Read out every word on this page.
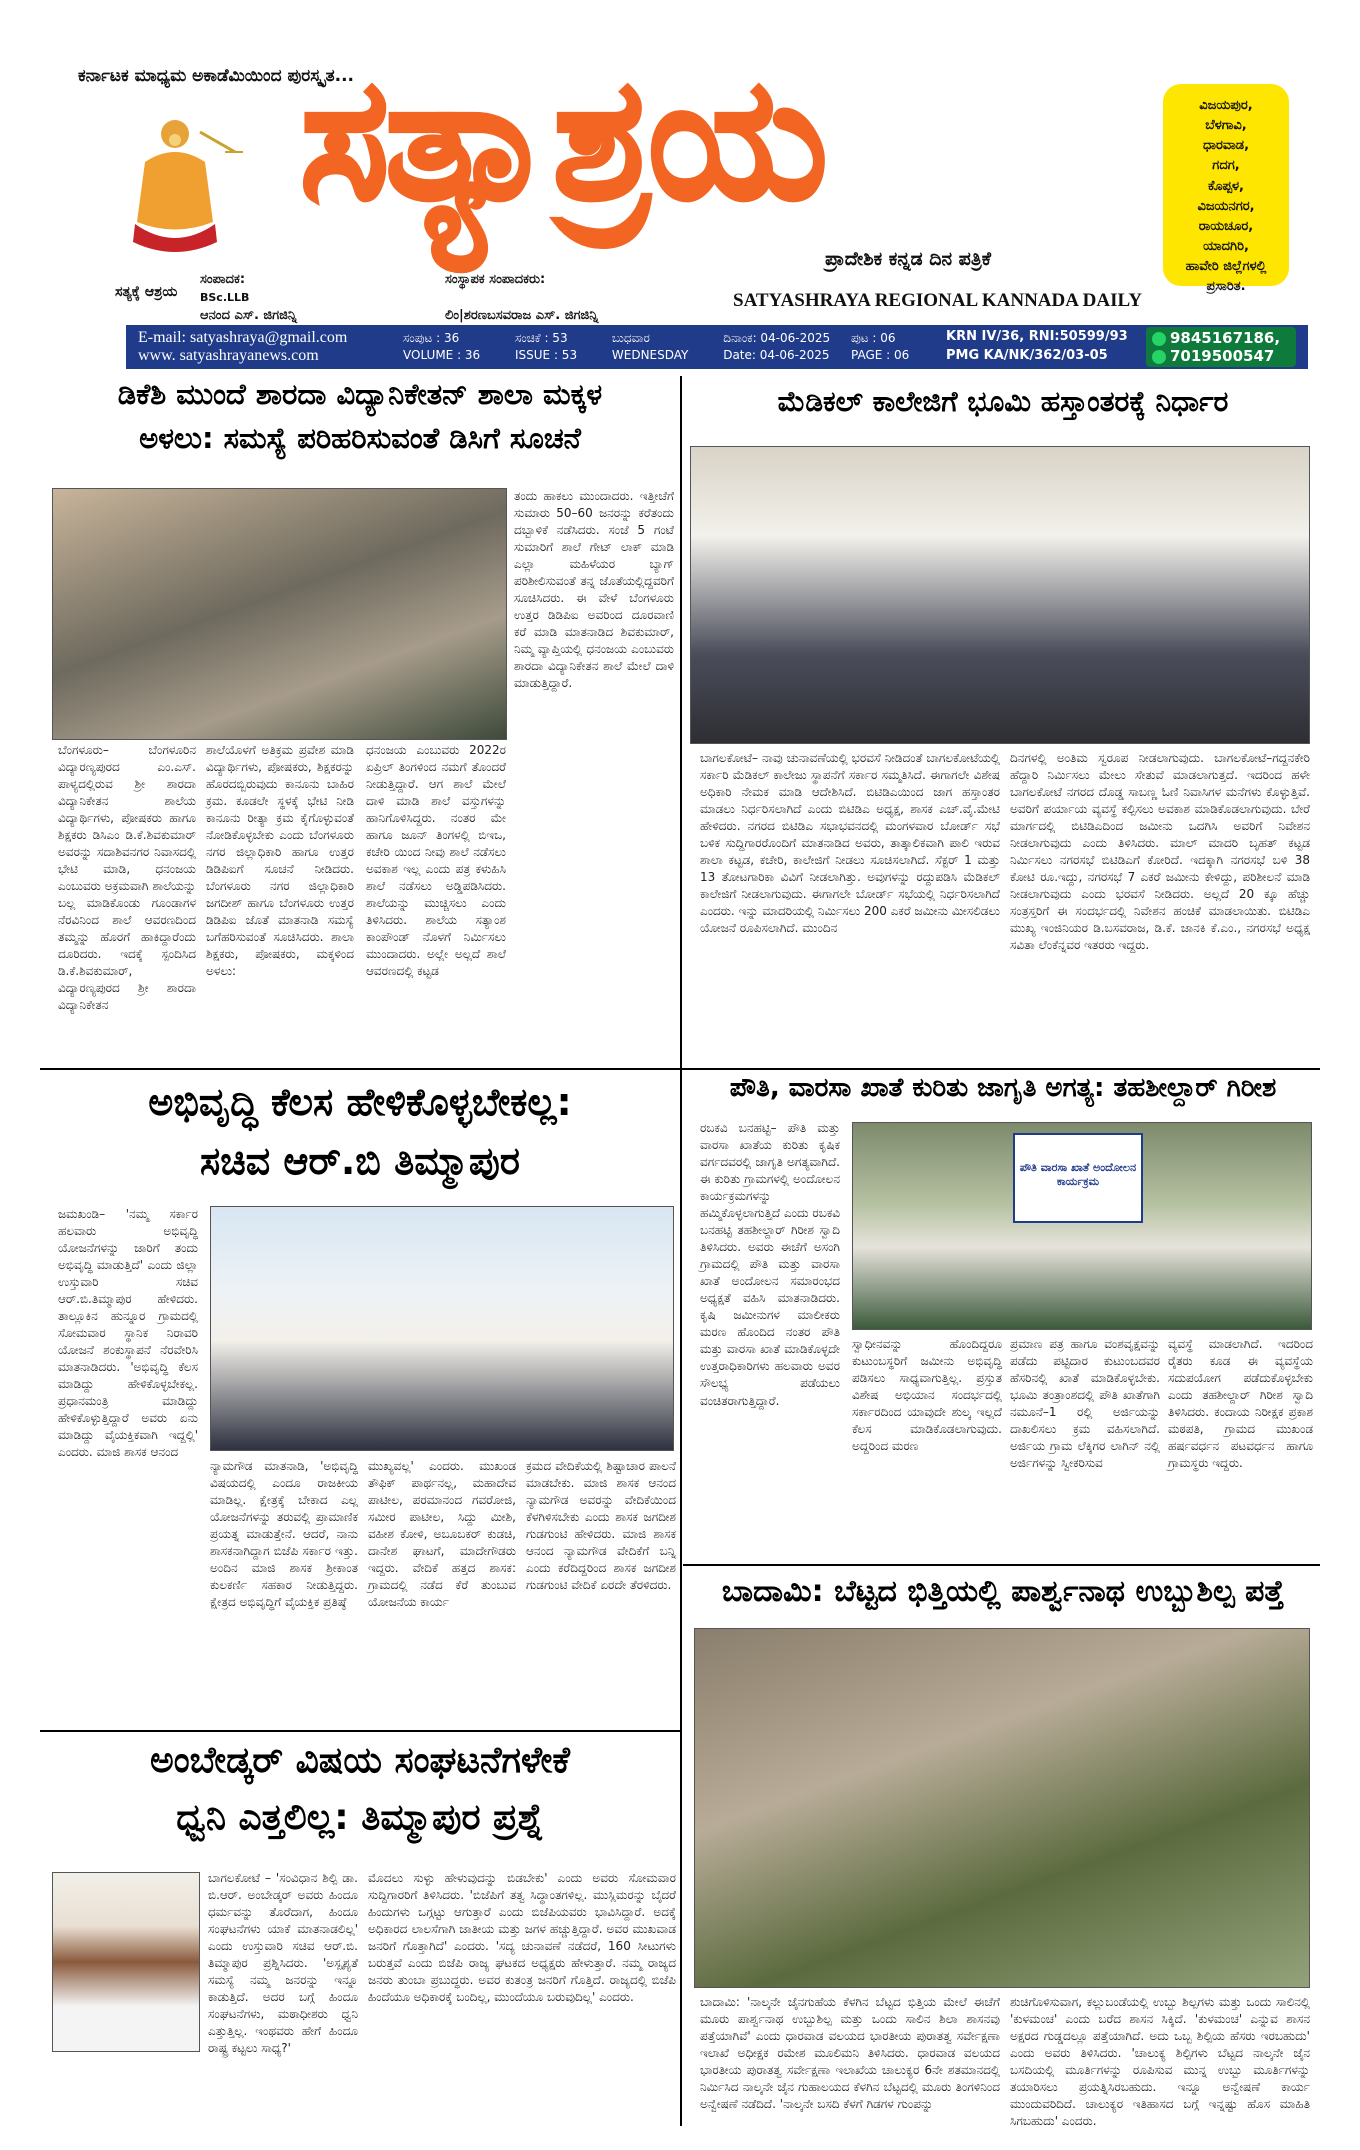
ಕರ್ನಾಟಕ ಮಾಧ್ಯಮ ಅಕಾಡೆಮಿಯಿಂದ ಪುರಸ್ಕೃತ...
ಸತ್ಯಕ್ಕೆ ಆಶ್ರಯ
ಸತ್ಯಾಶ್ರಯ
ಸಂಪಾದಕ:
BSc.LLB
ಆನಂದ ಎಸ್. ಜಿಗಜಿನ್ನಿ
ಸಂಸ್ಥಾಪಕ ಸಂಪಾದಕರು:
ಲಿಂ|ಶರಣಬಸವರಾಜ ಎಸ್. ಜಿಗಜಿನ್ನಿ
ಪ್ರಾದೇಶಿಕ ಕನ್ನಡ ದಿನ ಪತ್ರಿಕೆ
SATYASHRAYA REGIONAL KANNADA DAILY
ವಿಜಯಪುರ,
ಬೆಳಗಾವಿ,
ಧಾರವಾಡ,
ಗದಗ,
ಕೊಪ್ಪಳ,
ವಿಜಯನಗರ,
ರಾಯಚೂರ,
ಯಾದಗಿರಿ,
ಹಾವೇರಿ ಜಿಲ್ಲೆಗಳಲ್ಲಿ
ಪ್ರಸಾರಿತ.
E-mail: satyashraya@gmail.com
www. satyashrayanews.com
ಸಂಪುಟ : 36	ಸಂಚಿಕೆ : 53	ಬುಧವಾರ	ದಿನಾಂಕ: 04-06-2025
VOLUME : 36	ISSUE : 53	WEDNESDAY	Date: 04-06-2025
ಪುಟ : 06
PAGE : 06
KRN IV/36, RNI:50599/93
PMG KA/NK/362/03-05
9845167186,
7019500547
ಡಿಕೆಶಿ ಮುಂದೆ ಶಾರದಾ ವಿದ್ಯಾನಿಕೇತನ್ ಶಾಲಾ ಮಕ್ಕಳ
ಅಳಲು: ಸಮಸ್ಯೆ ಪರಿಹರಿಸುವಂತೆ ಡಿಸಿಗೆ ಸೂಚನೆ
ಬೆಂಗಳೂರು– ಬೆಂಗಳೂರಿನ ವಿದ್ಯಾರಣ್ಯಪುರದ ಎಂ.ಎಸ್. ಪಾಳ್ಯದಲ್ಲಿರುವ ಶ್ರೀ ಶಾರದಾ ವಿದ್ಯಾನಿಕೇತನ ಶಾಲೆಯ ವಿದ್ಯಾರ್ಥಿಗಳು, ಪೋಷಕರು ಹಾಗೂ ಶಿಕ್ಷಕರು ಡಿಸಿಎಂ ಡಿ.ಕೆ.ಶಿವಕುಮಾರ್ ಅವರನ್ನು ಸದಾಶಿವನಗರ ನಿವಾಸದಲ್ಲಿ ಭೇಟಿ ಮಾಡಿ, ಧನಂಜಯ ಎಂಬುವರು ಅಕ್ರಮವಾಗಿ ಶಾಲೆಯನ್ನು ಬಲ್ಲ ಮಾಡಿಕೊಂಡು ಗೂಂಡಾಗಳ ನೆರವಿನಿಂದ ಶಾಲೆ ಆವರಣದಿಂದ ತಮ್ಮನ್ನು ಹೊರಗೆ ಹಾಕಿದ್ದಾರೆಂದು ದೂರಿದರು. ಇದಕ್ಕೆ ಸ್ಪಂದಿಸಿದ ಡಿ.ಕೆ.ಶಿವಕುಮಾರ್, ವಿದ್ಯಾರಣ್ಯಪುರದ ಶ್ರೀ ಶಾರದಾ ವಿದ್ಯಾನಿಕೇತನ
ಶಾಲೆಯೊಳಗೆ ಅತಿಕ್ರಮ ಪ್ರವೇಶ ಮಾಡಿ ವಿದ್ಯಾರ್ಥಿಗಳು, ಪೋಷಕರು, ಶಿಕ್ಷಕರನ್ನು ಹೊರದಬ್ಬಿರುವುದು ಕಾನೂನು ಬಾಹಿರ ಕ್ರಮ. ಕೂಡಲೇ ಸ್ಥಳಕ್ಕೆ ಭೇಟಿ ನೀಡಿ ಕಾನೂನು ರೀತ್ಯಾ ಕ್ರಮ ಕೈಗೊಳ್ಳುವಂತೆ ನೋಡಿಕೊಳ್ಳಬೇಕು ಎಂದು ಬೆಂಗಳೂರು ನಗರ ಜಿಲ್ಲಾಧಿಕಾರಿ ಹಾಗೂ ಉತ್ತರ ಡಿಡಿಪಿಐಗೆ ಸೂಚನೆ ನೀಡಿದರು. ಬೆಂಗಳೂರು ನಗರ ಜಿಲ್ಲಾಧಿಕಾರಿ ಜಗದೀಶ್ ಹಾಗೂ ಬೆಂಗಳೂರು ಉತ್ತರ ಡಿಡಿಪಿಐ ಜೊತೆ ಮಾತನಾಡಿ ಸಮಸ್ಯೆ ಬಗೆಹರಿಸುವಂತೆ ಸೂಚಿಸಿದರು. ಶಾಲಾ ಶಿಕ್ಷಕರು, ಪೋಷಕರು, ಮಕ್ಕಳಿಂದ ಅಳಲು:
ಧನಂಜಯ ಎಂಬುವರು 2022ರ ಏಪ್ರಿಲ್ ತಿಂಗಳಿಂದ ನಮಗೆ ತೊಂದರೆ ನೀಡುತ್ತಿದ್ದಾರೆ. ಆಗ ಶಾಲೆ ಮೇಲೆ ದಾಳಿ ಮಾಡಿ ಶಾಲೆ ವಸ್ತುಗಳನ್ನು ಹಾನಿಗೊಳಿಸಿದ್ದರು. ನಂತರ ಮೇ ಹಾಗೂ ಜೂನ್ ತಿಂಗಳಲ್ಲಿ ಬಿಇಒ, ಕಚೇರಿ ಯಿಂದ ನೀವು ಶಾಲೆ ನಡೆಸಲು ಅವಕಾಶ ಇಲ್ಲ ಎಂದು ಪತ್ರ ಕಳುಹಿಸಿ ಶಾಲೆ ನಡೆಸಲು ಅಡ್ಡಿಪಡಿಸಿದರು. ಶಾಲೆಯನ್ನು ಮುಚ್ಚಿಸಲು ಎಂದು ತಿಳಿಸಿದರು. ಶಾಲೆಯ ಸತ್ಯಾಂಶ ಕಾಂಪೌಂಡ್ ನೊಳಗೆ ನಿರ್ಮಿಸಲು ಮುಂದಾದರು. ಅಲ್ಲೇ ಅಲ್ಲದೆ ಶಾಲೆ ಆವರಣದಲ್ಲಿ ಕಟ್ಟಡ
ತಂದು ಹಾಕಲು ಮುಂದಾದರು. ಇತ್ತೀಚೆಗೆ ಸುಮಾರು 50–60 ಜನರನ್ನು ಕರೆತಂದು ದಬ್ಬಾಳಿಕೆ ನಡೆಸಿದರು. ಸಂಜೆ 5 ಗಂಟೆ ಸುಮಾರಿಗೆ ಶಾಲೆ ಗೇಟ್ ಲಾಕ್ ಮಾಡಿ ಎಲ್ಲಾ ಮಹಿಳೆಯರ ಬ್ಯಾಗ್ ಪರಿಶೀಲಿಸುವಂತೆ ತನ್ನ ಜೊತೆಯಲ್ಲಿದ್ದವರಿಗೆ ಸೂಚಿಸಿದರು. ಈ ವೇಳೆ ಬೆಂಗಳೂರು ಉತ್ತರ ಡಿಡಿಪಿಐ ಅವರಿಂದ ದೂರವಾಣಿ ಕರೆ ಮಾಡಿ ಮಾತನಾಡಿದ ಶಿವಕುಮಾರ್, ನಿಮ್ಮ ವ್ಯಾಪ್ತಿಯಲ್ಲಿ ಧನಂಜಯ ಎಂಬುವರು ಶಾರದಾ ವಿದ್ಯಾನಿಕೇತನ ಶಾಲೆ ಮೇಲೆ ದಾಳಿ ಮಾಡುತ್ತಿದ್ದಾರೆ.
ಮೆಡಿಕಲ್ ಕಾಲೇಜಿಗೆ ಭೂಮಿ ಹಸ್ತಾಂತರಕ್ಕೆ ನಿರ್ಧಾರ
ಬಾಗಲಕೋಟೆ– ನಾವು ಚುನಾವಣೆಯಲ್ಲಿ ಭರವಸೆ ನೀಡಿದಂತೆ ಬಾಗಲಕೋಟೆಯಲ್ಲಿ ಸರ್ಕಾರಿ ಮೆಡಿಕಲ್ ಕಾಲೇಜು ಸ್ಥಾಪನೆಗೆ ಸರ್ಕಾರ ಸಮ್ಮತಿಸಿದೆ. ಈಗಾಗಲೇ ವಿಶೇಷ ಅಧಿಕಾರಿ ನೇಮಕ ಮಾಡಿ ಆದೇಶಿಸಿದೆ. ಬಿಟಿಡಿಎಯಿಂದ ಜಾಗ ಹಸ್ತಾಂತರ ಮಾಡಲು ನಿರ್ಧರಿಸಲಾಗಿದೆ ಎಂದು ಬಿಟಿಡಿಎ ಅಧ್ಯಕ್ಷ, ಶಾಸಕ ಎಚ್.ವೈ.ಮೇಟಿ ಹೇಳಿದರು. ನಗರದ ಬಿಟಿಡಿಎ ಸಭಾಭವನದಲ್ಲಿ ಮಂಗಳವಾರ ಬೋರ್ಡ್ ಸಭೆ ಬಳಿಕ ಸುದ್ದಿಗಾರರೊಂದಿಗೆ ಮಾತನಾಡಿದ ಅವರು, ತಾತ್ಕಾಲಿಕವಾಗಿ ಪಾಲಿ ಇರುವ ಶಾಲಾ ಕಟ್ಟಡ, ಕಚೇರಿ, ಕಾಲೇಜಿಗೆ ನೀಡಲು ಸೂಚಿಸಲಾಗಿದೆ. ಸೆಕ್ಟರ್ 1 ಮತ್ತು 13 ತೋಟಗಾರಿಕಾ ವಿವಿಗೆ ನೀಡಲಾಗಿತ್ತು. ಅವುಗಳನ್ನು ರದ್ದುಪಡಿಸಿ ಮೆಡಿಕಲ್ ಕಾಲೇಜಿಗೆ ನೀಡಲಾಗುವುದು. ಈಗಾಗಲೇ ಬೋರ್ಡ್ ಸಭೆಯಲ್ಲಿ ನಿರ್ಧರಿಸಲಾಗಿದೆ ಎಂದರು. ಇನ್ನು ಮಾದರಿಯಲ್ಲಿ ನಿರ್ಮಿಸಲು 200 ಎಕರೆ ಜಮೀನು ಮೀಸಲಿಡಲು ಯೋಜನೆ ರೂಪಿಸಲಾಗಿದೆ. ಮುಂದಿನ
ದಿನಗಳಲ್ಲಿ ಅಂತಿಮ ಸ್ವರೂಪ ನೀಡಲಾಗುವುದು. ಬಾಗಲಕೋಟೆ–ಗದ್ದನಕೇರಿ ಹೆದ್ದಾರಿ ನಿರ್ಮಿಸಲು ಮೇಲು ಸೇತುವೆ ಮಾಡಲಾಗುತ್ತದೆ. ಇದರಿಂದ ಹಳೇ ಬಾಗಲಕೋಟೆ ನಗರದ ದೊಡ್ಡ ಸಾಬಣ್ಣ ಓಣಿ ನಿವಾಸಿಗಳ ಮನೆಗಳು ಕೊಳ್ಳುತ್ತಿವೆ. ಅವರಿಗೆ ಪರ್ಯಾಯ ವ್ಯವಸ್ಥೆ ಕಲ್ಪಿಸಲು ಅವಕಾಶ ಮಾಡಿಕೊಡಲಾಗುವುದು. ಬೇರೆ ಮಾರ್ಗದಲ್ಲಿ ಬಿಟಿಡಿಎದಿಂದ ಜಮೀನು ಒದಗಿಸಿ ಅವರಿಗೆ ನಿವೇಶನ ನೀಡಲಾಗುವುದು ಎಂದು ತಿಳಿಸಿದರು. ಮಾಲ್ ಮಾದರಿ ಬೃಹತ್ ಕಟ್ಟಡ ನಿರ್ಮಿಸಲು ನಗರಸಭೆ ಬಿಟಿಡಿಎಗೆ ಕೋರಿದೆ. ಇದಕ್ಕಾಗಿ ನಗರಸಭೆ ಬಳಿ 38 ಕೋಟಿ ರೂ.ಇದ್ದು, ನಗರಸಭೆ 7 ಎಕರೆ ಜಮೀನು ಕೇಳಿದ್ದು, ಪರಿಶೀಲನೆ ಮಾಡಿ ನೀಡಲಾಗುವುದು ಎಂದು ಭರವಸೆ ನೀಡಿದರು. ಅಲ್ಲದೆ 20 ಕ್ಕೂ ಹೆಚ್ಚು ಸಂತ್ರಸ್ತರಿಗೆ ಈ ಸಂದರ್ಭದಲ್ಲಿ ನಿವೇಶನ ಹಂಚಿಕೆ ಮಾಡಲಾಯಿತು. ಬಿಟಿಡಿಎ ಮುಖ್ಯ ಇಂಜಿನಿಯರ ಡಿ.ಬಸವರಾಜ, ಡಿ.ಕೆ. ಜಾನಕಿ ಕೆ.ಎಂ., ನಗರಸಭೆ ಅಧ್ಯಕ್ಷ ಸವಿತಾ ಲೆಂಕೆನ್ನವರ ಇತರರು ಇದ್ದರು.
ಅಭಿವೃದ್ಧಿ ಕೆಲಸ ಹೇಳಿಕೊಳ್ಳಬೇಕಲ್ಲ:
ಸಚಿವ ಆರ್.ಬಿ ತಿಮ್ಮಾಪುರ
ಜಮಖಂಡಿ– 'ನಮ್ಮ ಸರ್ಕಾರ ಹಲವಾರು ಅಭಿವೃದ್ಧಿ ಯೋಜನೆಗಳನ್ನು ಜಾರಿಗೆ ತಂದು ಅಭಿವೃದ್ಧಿ ಮಾಡುತ್ತಿದೆ' ಎಂದು ಜಿಲ್ಲಾ ಉಸ್ತುವಾರಿ ಸಚಿವ ಆರ್.ಬಿ.ತಿಮ್ಮಾಪುರ ಹೇಳಿದರು. ತಾಲ್ಲೂಕಿನ ಹುನ್ನೂರ ಗ್ರಾಮದಲ್ಲಿ ಸೋಮವಾರ ಸ್ಥಾನಿಕ ನಿರಾವರಿ ಯೋಜನೆ ಶಂಕುಸ್ಥಾಪನೆ ನೆರವೇರಿಸಿ ಮಾತನಾಡಿದರು. 'ಅಭಿವೃದ್ಧಿ ಕೆಲಸ ಮಾಡಿದ್ದು ಹೇಳಿಕೊಳ್ಳಬೇಕಲ್ಲ. ಪ್ರಧಾನಮಂತ್ರಿ ಮಾಡಿದ್ದು ಹೇಳಿಕೊಳ್ಳುತ್ತಿದ್ದಾರೆ ಅವರು ಏನು ಮಾಡಿದ್ದು ವೈಯಕ್ತಿಕವಾಗಿ ಇದ್ದಲ್ಲಿ' ಎಂದರು. ಮಾಜಿ ಶಾಸಕ ಆನಂದ
ನ್ಯಾಮಗೌಡ ಮಾತನಾಡಿ, 'ಅಭಿವೃದ್ಧಿ ವಿಷಯದಲ್ಲಿ ಎಂದೂ ರಾಜಕೀಯ ಮಾಡಿಲ್ಲ. ಕ್ಷೇತ್ರಕ್ಕೆ ಬೇಕಾದ ಎಲ್ಲ ಯೋಜನೆಗಳನ್ನು ತರುವಲ್ಲಿ ಪ್ರಾಮಾಣಿಕ ಪ್ರಯತ್ನ ಮಾಡುತ್ತೇನೆ. ಆದರೆ, ನಾನು ಶಾಸಕನಾಗಿದ್ದಾಗ ಬಿಜೆಪಿ ಸರ್ಕಾರ ಇತ್ತು. ಅಂದಿನ ಮಾಜಿ ಶಾಸಕ ಶ್ರೀಕಾಂತ ಕುಲಕರ್ಣಿ ಸಹಕಾರ ನೀಡುತ್ತಿದ್ದರು. ಕ್ಷೇತ್ರದ ಅಭಿವೃದ್ಧಿಗೆ ವೈಯಕ್ತಿಕ ಪ್ರತಿಷ್ಠೆ
ಮುಖ್ಯವಲ್ಲ' ಎಂದರು. ಮುಖಂಡ ತೌಫಿಕ್ ಪಾರ್ಥನಲ್ಲ, ಮಹಾದೇವ ಪಾಟೀಲ, ಪರಮಾನಂದ ಗವರೋಜಿ, ಸಮೀರ ಪಾಟೀಲ, ಸಿದ್ದು ಮೀಶಿ, ವಹೀಶ ಕೋಳಿ, ಅಬೂಬಕರ್ ಕುಡಚಿ, ದಾನೇಶ ಘಾಟಗೆ, ಮಾದೇಗೌಡರು ಇದ್ದರು. ವೇದಿಕೆ ಹತ್ತದ ಶಾಸಕ: ಗ್ರಾಮದಲ್ಲಿ ನಡೆದ ಕೆರೆ ತುಂಬುವ ಯೋಜನೆಯ ಕಾರ್ಯ
ಕ್ರಮದ ವೇದಿಕೆಯಲ್ಲಿ ಶಿಷ್ಟಾಚಾರ ಪಾಲನೆ ಮಾಡಬೇಕು. ಮಾಜಿ ಶಾಸಕ ಆನಂದ ನ್ಯಾಮಗೌಡ ಅವರನ್ನು ವೇದಿಕೆಯಿಂದ ಕೆಳಗಿಳಿಸಬೇಕು ಎಂದು ಶಾಸಕ ಜಗದೀಶ ಗುಡಗುಂಟಿ ಹೇಳಿದರು. ಮಾಜಿ ಶಾಸಕ ಆನಂದ ನ್ಯಾಮಗೌಡ ವೇದಿಕೆಗೆ ಬನ್ನಿ ಎಂದು ಕರೆದಿದ್ದರಿಂದ ಶಾಸಕ ಜಗದೀಶ ಗುಡಗುಂಟಿ ವೇದಿಕೆ ಏರದೇ ತೆರಳಿದರು.
ಪೌತಿ, ವಾರಸಾ ಖಾತೆ ಕುರಿತು ಜಾಗೃತಿ ಅಗತ್ಯ: ತಹಶೀಲ್ದಾರ್ ಗಿರೀಶ
ರಬಕವಿ ಬನಹಟ್ಟಿ– ಪೌತಿ ಮತ್ತು ವಾರಸಾ ಖಾತೆಯ ಕುರಿತು ಕೃಷಿಕ ವರ್ಗದವರಲ್ಲಿ ಜಾಗೃತಿ ಅಗತ್ಯವಾಗಿದೆ. ಈ ಕುರಿತು ಗ್ರಾಮಗಳಲ್ಲಿ ಅಂದೋಲನ ಕಾರ್ಯಕ್ರಮಗಳನ್ನು ಹಮ್ಮಿಕೊಳ್ಳಲಾಗುತ್ತಿದೆ ಎಂದು ರಬಕವಿ ಬನಹಟ್ಟಿ ತಹಶೀಲ್ದಾರ್ ಗಿರೀಶ ಸ್ವಾದಿ ತಿಳಿಸಿದರು. ಅವರು ಈಚೆಗೆ ಅಸಂಗಿ ಗ್ರಾಮದಲ್ಲಿ ಪೌತಿ ಮತ್ತು ವಾರಸಾ ಖಾತೆ ಅಂದೋಲನ ಸಮಾರಂಭದ ಅಧ್ಯಕ್ಷತೆ ವಹಿಸಿ ಮಾತನಾಡಿದರು. ಕೃಷಿ ಜಮೀನುಗಳ ಮಾಲೀಕರು ಮರಣ ಹೊಂದಿದ ನಂತರ ಪೌತಿ ಮತ್ತು ವಾರಸಾ ಖಾತೆ ಮಾಡಿಕೊಳ್ಳದೇ ಉತ್ತರಾಧಿಕಾರಿಗಳು ಹಲವಾರು ಅವರ ಸೌಲಭ್ಯ ಪಡೆಯಲು ವಂಚಿತರಾಗುತ್ತಿದ್ದಾರೆ.
ಪೌತಿ ವಾರಸಾ ಖಾತೆ ಅಂದೋಲನ ಕಾರ್ಯಕ್ರಮ
ಸ್ವಾಧೀನವನ್ನು ಹೊಂದಿದ್ದರೂ ಕುಟುಂಬಸ್ಥರಿಗೆ ಜಮೀನು ಅಭಿವೃದ್ಧಿ ಪಡಿಸಲು ಸಾಧ್ಯವಾಗುತ್ತಿಲ್ಲ. ಪ್ರಸ್ತುತ ವಿಶೇಷ ಅಭಿಯಾನ ಸಂದರ್ಭದಲ್ಲಿ ಸರ್ಕಾರದಿಂದ ಯಾವುದೇ ಶುಲ್ಕ ಇಲ್ಲದೆ ಕೆಲಸ ಮಾಡಿಕೊಡಲಾಗುವುದು. ಅದ್ದರಿಂದ ಮರಣ
ಪ್ರಮಾಣ ಪತ್ರ ಹಾಗೂ ವಂಶವೃಕ್ಷವನ್ನು ಪಡೆದು ಪಟ್ಟಿದಾರ ಕುಟುಂಬದವರ ಹೆಸರಿನಲ್ಲಿ ಖಾತೆ ಮಾಡಿಕೊಳ್ಳಬೇಕು. ಭೂಮಿ ತಂತ್ರಾಂಶದಲ್ಲಿ ಪೌತಿ ಖಾತೆಗಾಗಿ ನಮೂನೆ–1 ರಲ್ಲಿ ಅರ್ಜಿಯನ್ನು ದಾಖಲಿಸಲು ಕ್ರಮ ವಹಿಸಲಾಗಿದೆ. ಅರ್ಜಿಯ ಗ್ರಾಮ ಲೆಕ್ಕಿಗರ ಲಾಗಿನ್ ನಲ್ಲಿ ಅರ್ಜಿಗಳನ್ನು ಸ್ವೀಕರಿಸುವ
ವ್ಯವಸ್ಥೆ ಮಾಡಲಾಗಿದೆ. ಇದರಿಂದ ರೈತರು ಕೂಡ ಈ ವ್ಯವಸ್ಥೆಯ ಸದುಪಯೋಗ ಪಡೆದುಕೊಳ್ಳಬೇಕು ಎಂದು ತಹಶೀಲ್ದಾರ್ ಗಿರೀಶ ಸ್ವಾದಿ ತಿಳಿಸಿದರು. ಕಂದಾಯ ನಿರೀಕ್ಷಕ ಪ್ರಕಾಶ ಮಠಪತಿ, ಗ್ರಾಮದ ಮುಖಂಡ ಹರ್ಷವರ್ಧನ ಪಟವರ್ಧನ ಹಾಗೂ ಗ್ರಾಮಸ್ಥರು ಇದ್ದರು.
ಅಂಬೇಡ್ಕರ್ ವಿಷಯ ಸಂಘಟನೆಗಳೇಕೆ
ಧ್ವನಿ ಎತ್ತಲಿಲ್ಲ: ತಿಮ್ಮಾಪುರ ಪ್ರಶ್ನೆ
ಬಾಗಲಕೋಟೆ – 'ಸಂವಿಧಾನ ಶಿಲ್ಪಿ ಡಾ. ಬಿ.ಆರ್. ಅಂಬೇಡ್ಕರ್ ಅವರು ಹಿಂದೂ ಧರ್ಮವನ್ನು ತೊರೆದಾಗ, ಹಿಂದೂ ಸಂಘಟನೆಗಳು ಯಾಕೆ ಮಾತನಾಡಲಿಲ್ಲ' ಎಂದು ಉಸ್ತುವಾರಿ ಸಚಿವ ಆರ್.ಬಿ. ತಿಮ್ಮಾಪುರ ಪ್ರಶ್ನಿಸಿದರು. 'ಅಸ್ಪೃಶ್ಯತೆ ಸಮಸ್ಯೆ ನಮ್ಮ ಜನರನ್ನು ಇನ್ನೂ ಕಾಡುತ್ತಿದೆ. ಅದರ ಬಗ್ಗೆ ಹಿಂದೂ ಸಂಘಟನೆಗಳು, ಮಠಾಧೀಶರು ಧ್ವನಿ ಎತ್ತುತ್ತಿಲ್ಲ. ಇಂಥವರು ಹೇಗೆ ಹಿಂದೂ ರಾಷ್ಟ್ರ ಕಟ್ಟಲು ಸಾಧ್ಯ?'
ಮೊದಲು ಸುಳ್ಳು ಹೇಳುವುದನ್ನು ಬಿಡಬೇಕು' ಎಂದು ಅವರು ಸೋಮವಾರ ಸುದ್ದಿಗಾರರಿಗೆ ತಿಳಿಸಿದರು. 'ಬಿಜೆಪಿಗೆ ತತ್ವ ಸಿದ್ಧಾಂತಗಳಿಲ್ಲ. ಮುಸ್ಲಿಮರನ್ನು ಬೈದರೆ ಹಿಂದುಗಳು ಒಗ್ಗಟ್ಟು ಆಗುತ್ತಾರೆ ಎಂದು ಬಿಜೆಪಿಯವರು ಭಾವಿಸಿದ್ದಾರೆ. ಅದಕ್ಕೆ ಅಧಿಕಾರದ ಲಾಲಸೆಗಾಗಿ ಜಾತೀಯ ಮತ್ತು ಜಗಳ ಹಚ್ಚುತ್ತಿದ್ದಾರೆ. ಅವರ ಮುಖವಾಡ ಜನರಿಗೆ ಗೊತ್ತಾಗಿದೆ' ಎಂದರು. 'ಸದ್ಯ ಚುನಾವಣೆ ನಡೆದರೆ, 160 ಸೀಟುಗಳು ಬರುತ್ತವೆ ಎಂದು ಬಿಜೆಪಿ ರಾಜ್ಯ ಘಟಕದ ಅಧ್ಯಕ್ಷರು ಹೇಳುತ್ತಾರೆ. ನಮ್ಮ ರಾಜ್ಯದ ಜನರು ತುಂಬಾ ಪ್ರಬುದ್ಧರು. ಅವರ ಕುತಂತ್ರ ಜನರಿಗೆ ಗೊತ್ತಿದೆ. ರಾಜ್ಯದಲ್ಲಿ ಬಿಜೆಪಿ ಹಿಂದೆಯೂ ಅಧಿಕಾರಕ್ಕೆ ಬಂದಿಲ್ಲ, ಮುಂದೆಯೂ ಬರುವುದಿಲ್ಲ' ಎಂದರು.
ಬಾದಾಮಿ: ಬೆಟ್ಟದ ಭಿತ್ತಿಯಲ್ಲಿ ಪಾರ್ಶ್ವನಾಥ ಉಬ್ಬುಶಿಲ್ಪ ಪತ್ತೆ
ಬಾದಾಮಿ: 'ನಾಲ್ಕನೇ ಜೈನಗುಹೆಯ ಕೆಳಗಿನ ಬೆಟ್ಟದ ಭಿತ್ತಿಯ ಮೇಲೆ ಈಚೆಗೆ ಮೂರು ಪಾರ್ಶ್ವನಾಥ ಉಬ್ಬುಶಿಲ್ಪ ಮತ್ತು ಒಂದು ಸಾಲಿನ ಶಿಲಾ ಶಾಸನವು ಪತ್ತೆಯಾಗಿವೆ' ಎಂದು ಧಾರವಾಡ ವಲಯದ ಭಾರತೀಯ ಪುರಾತತ್ವ ಸರ್ವೇಕ್ಷಣಾ ಇಲಾಖೆ ಅಧೀಕ್ಷಕ ರಮೇಶ ಮೂಲಿಮನಿ ತಿಳಿಸಿದರು. ಧಾರವಾಡ ವಲಯದ ಭಾರತೀಯ ಪುರಾತತ್ವ ಸರ್ವೇಕ್ಷಣಾ ಇಲಾಖೆಯ ಚಾಲುಕ್ಯರ 6ನೇ ಶತಮಾನದಲ್ಲಿ ನಿರ್ಮಿಸಿದ ನಾಲ್ಕನೇ ಜೈನ ಗುಹಾಲಯದ ಕೆಳಗಿನ ಬೆಟ್ಟದಲ್ಲಿ ಮೂರು ತಿಂಗಳಿನಿಂದ ಅನ್ವೇಷಣೆ ನಡೆದಿದೆ. 'ನಾಲ್ಕನೇ ಬಸದಿ ಕೆಳಗೆ ಗಿಡಗಳ ಗುಂಪನ್ನು
ಶುಚಿಗೊಳಿಸುವಾಗ, ಕಲ್ಲುಬಂಡೆಯಲ್ಲಿ ಉಬ್ಬು ಶಿಲ್ಪಗಳು ಮತ್ತು ಒಂದು ಸಾಲಿನಲ್ಲಿ 'ಕುಳಮಂಚ' ಎಂದು ಬರೆದ ಶಾಸನ ಸಿಕ್ಕಿದೆ. 'ಕುಳಮಂಚ' ಎನ್ನುವ ಶಾಸನ ಅಕ್ಷರದ ಗುಡ್ಡದಲ್ಲೂ ಪತ್ತೆಯಾಗಿದೆ. ಅದು ಒಬ್ಬ ಶಿಲ್ಪಿಯ ಹೆಸರು ಇರಬಹುದು' ಎಂದು ಅವರು ತಿಳಿಸಿದರು. 'ಚಾಲುಕ್ಯ ಶಿಲ್ಪಿಗಳು ಬೆಟ್ಟದ ನಾಲ್ಕನೇ ಜೈನ ಬಸದಿಯಲ್ಲಿ ಮೂರ್ತಿಗಳನ್ನು ರೂಪಿಸುವ ಮುನ್ನ ಉಬ್ಬು ಮೂರ್ತಿಗಳನ್ನು ತಯಾರಿಸಲು ಪ್ರಯತ್ನಿಸಿರಬಹುದು. ಇನ್ನೂ ಅನ್ವೇಷಣೆ ಕಾರ್ಯ ಮುಂದುವರಿದಿದೆ. ಚಾಲುಕ್ಯರ ಇತಿಹಾಸದ ಬಗ್ಗೆ ಇನ್ನಷ್ಟು ಹೊಸ ಮಾಹಿತಿ ಸಿಗಬಹುದು' ಎಂದರು.
